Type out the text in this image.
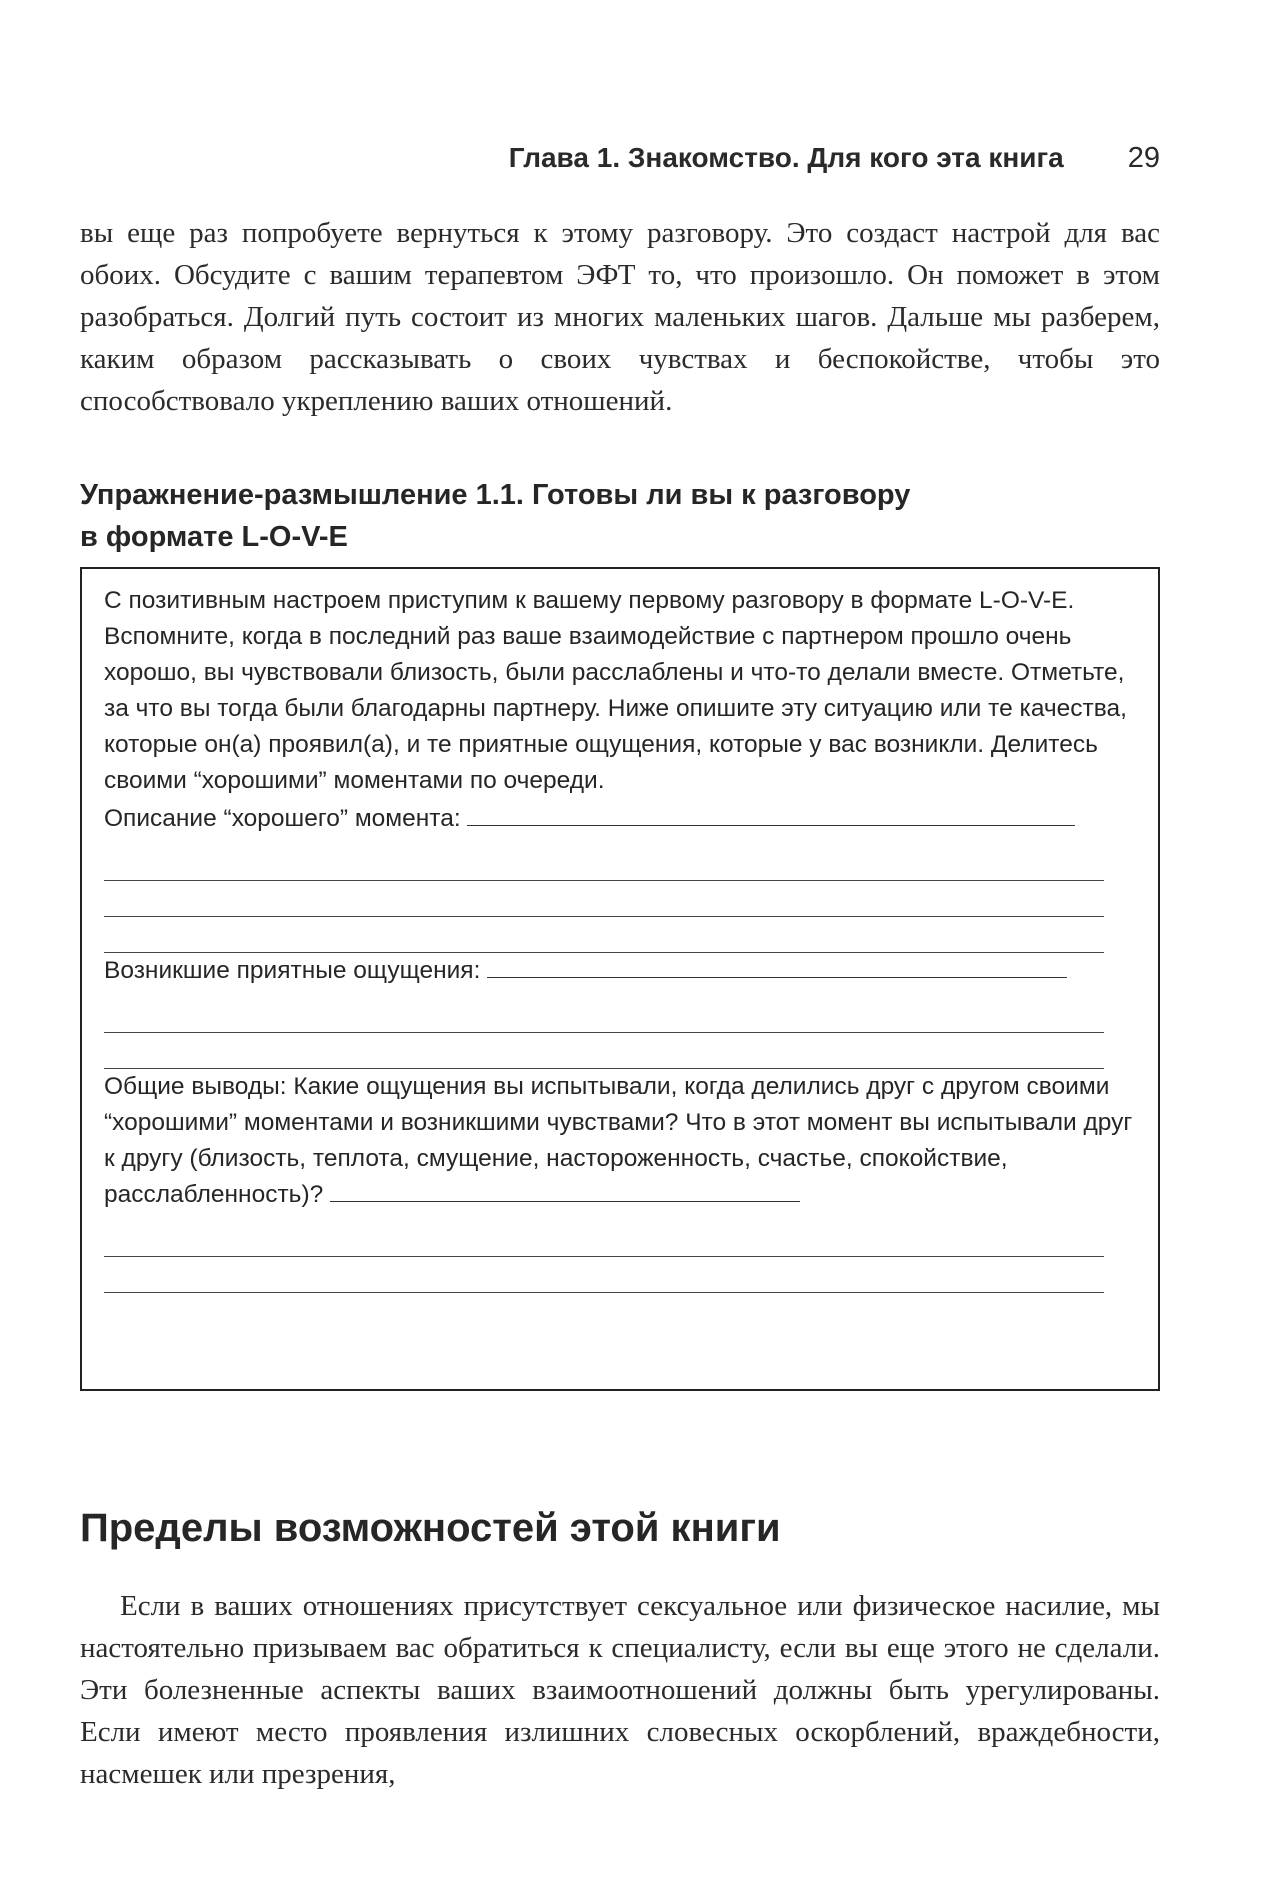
Глава 1. Знакомство. Для кого эта книга 29
вы еще раз попробуете вернуться к этому разговору. Это создаст настрой для вас обоих. Обсудите с вашим терапевтом ЭФТ то, что произошло. Он поможет в этом разобраться. Долгий путь состоит из многих маленьких шагов. Дальше мы разберем, каким образом рассказывать о своих чувствах и беспокойстве, чтобы это способствовало укреплению ваших отношений.
Упражнение-размышление 1.1. Готовы ли вы к разговору
в формате L-O-V-E

С позитивным настроем приступим к вашему первому разговору в формате L-O-V-E. Вспомните, когда в последний раз ваше взаимодействие с партнером прошло очень хорошо, вы чувствовали близость, были расслаблены и что-то делали вместе. Отметьте, за что вы тогда были благодарны партнеру. Ниже опишите эту ситуацию или те качества, которые он(а) проявил(а), и те приятные ощущения, которые у вас возникли. Делитесь своими “хорошими” моментами по очереди.

Описание “хорошего” момента:

Возникшие приятные ощущения:

Общие выводы: Какие ощущения вы испытывали, когда делились друг с другом своими “хорошими” моментами и возникшими чувствами? Что в этот момент вы испытывали друг к другу (близость, теплота, смущение, настороженность, счастье, спокойствие, расслабленность)?

Пределы возможностей этой книги
Если в ваших отношениях присутствует сексуальное или физическое насилие, мы настоятельно призываем вас обратиться к специалисту, если вы еще этого не сделали. Эти болезненные аспекты ваших взаимоотношений должны быть урегулированы. Если имеют место проявления излишних словесных оскорблений, враждебности, насмешек или презрения,
